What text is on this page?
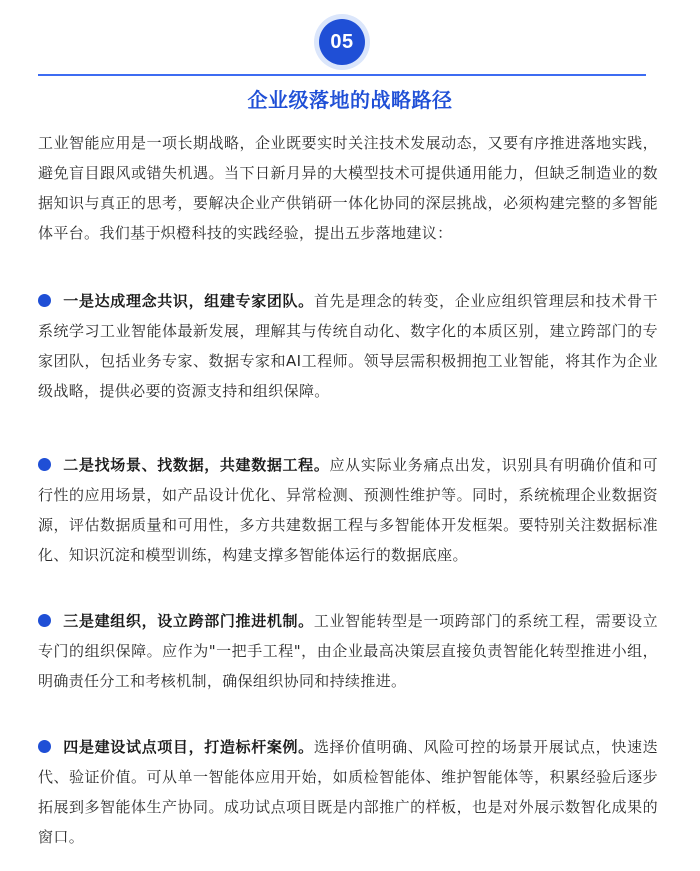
05
企业级落地的战略路径

工业智能应用是一项长期战略，企业既要实时关注技术发展动态，又要有序推进落地实践，避免盲目跟风或错失机遇。当下日新月异的大模型技术可提供通用能力，但缺乏制造业的数据知识与真正的思考，要解决企业产供销研一体化协同的深层挑战，必须构建完整的多智能体平台。我们基于炽橙科技的实践经验，提出五步落地建议：

一是达成理念共识，组建专家团队。首先是理念的转变，企业应组织管理层和技术骨干系统学习工业智能体最新发展，理解其与传统自动化、数字化的本质区别，建立跨部门的专家团队，包括业务专家、数据专家和AI工程师。领导层需积极拥抱工业智能，将其作为企业级战略，提供必要的资源支持和组织保障。

二是找场景、找数据，共建数据工程。应从实际业务痛点出发，识别具有明确价值和可行性的应用场景，如产品设计优化、异常检测、预测性维护等。同时，系统梳理企业数据资源，评估数据质量和可用性，多方共建数据工程与多智能体开发框架。要特别关注数据标准化、知识沉淀和模型训练，构建支撑多智能体运行的数据底座。

三是建组织，设立跨部门推进机制。工业智能转型是一项跨部门的系统工程，需要设立专门的组织保障。应作为"一把手工程"，由企业最高决策层直接负责智能化转型推进小组，明确责任分工和考核机制，确保组织协同和持续推进。

四是建设试点项目，打造标杆案例。选择价值明确、风险可控的场景开展试点，快速迭代、验证价值。可从单一智能体应用开始，如质检智能体、维护智能体等，积累经验后逐步拓展到多智能体生产协同。成功试点项目既是内部推广的样板，也是对外展示数智化成果的窗口。
